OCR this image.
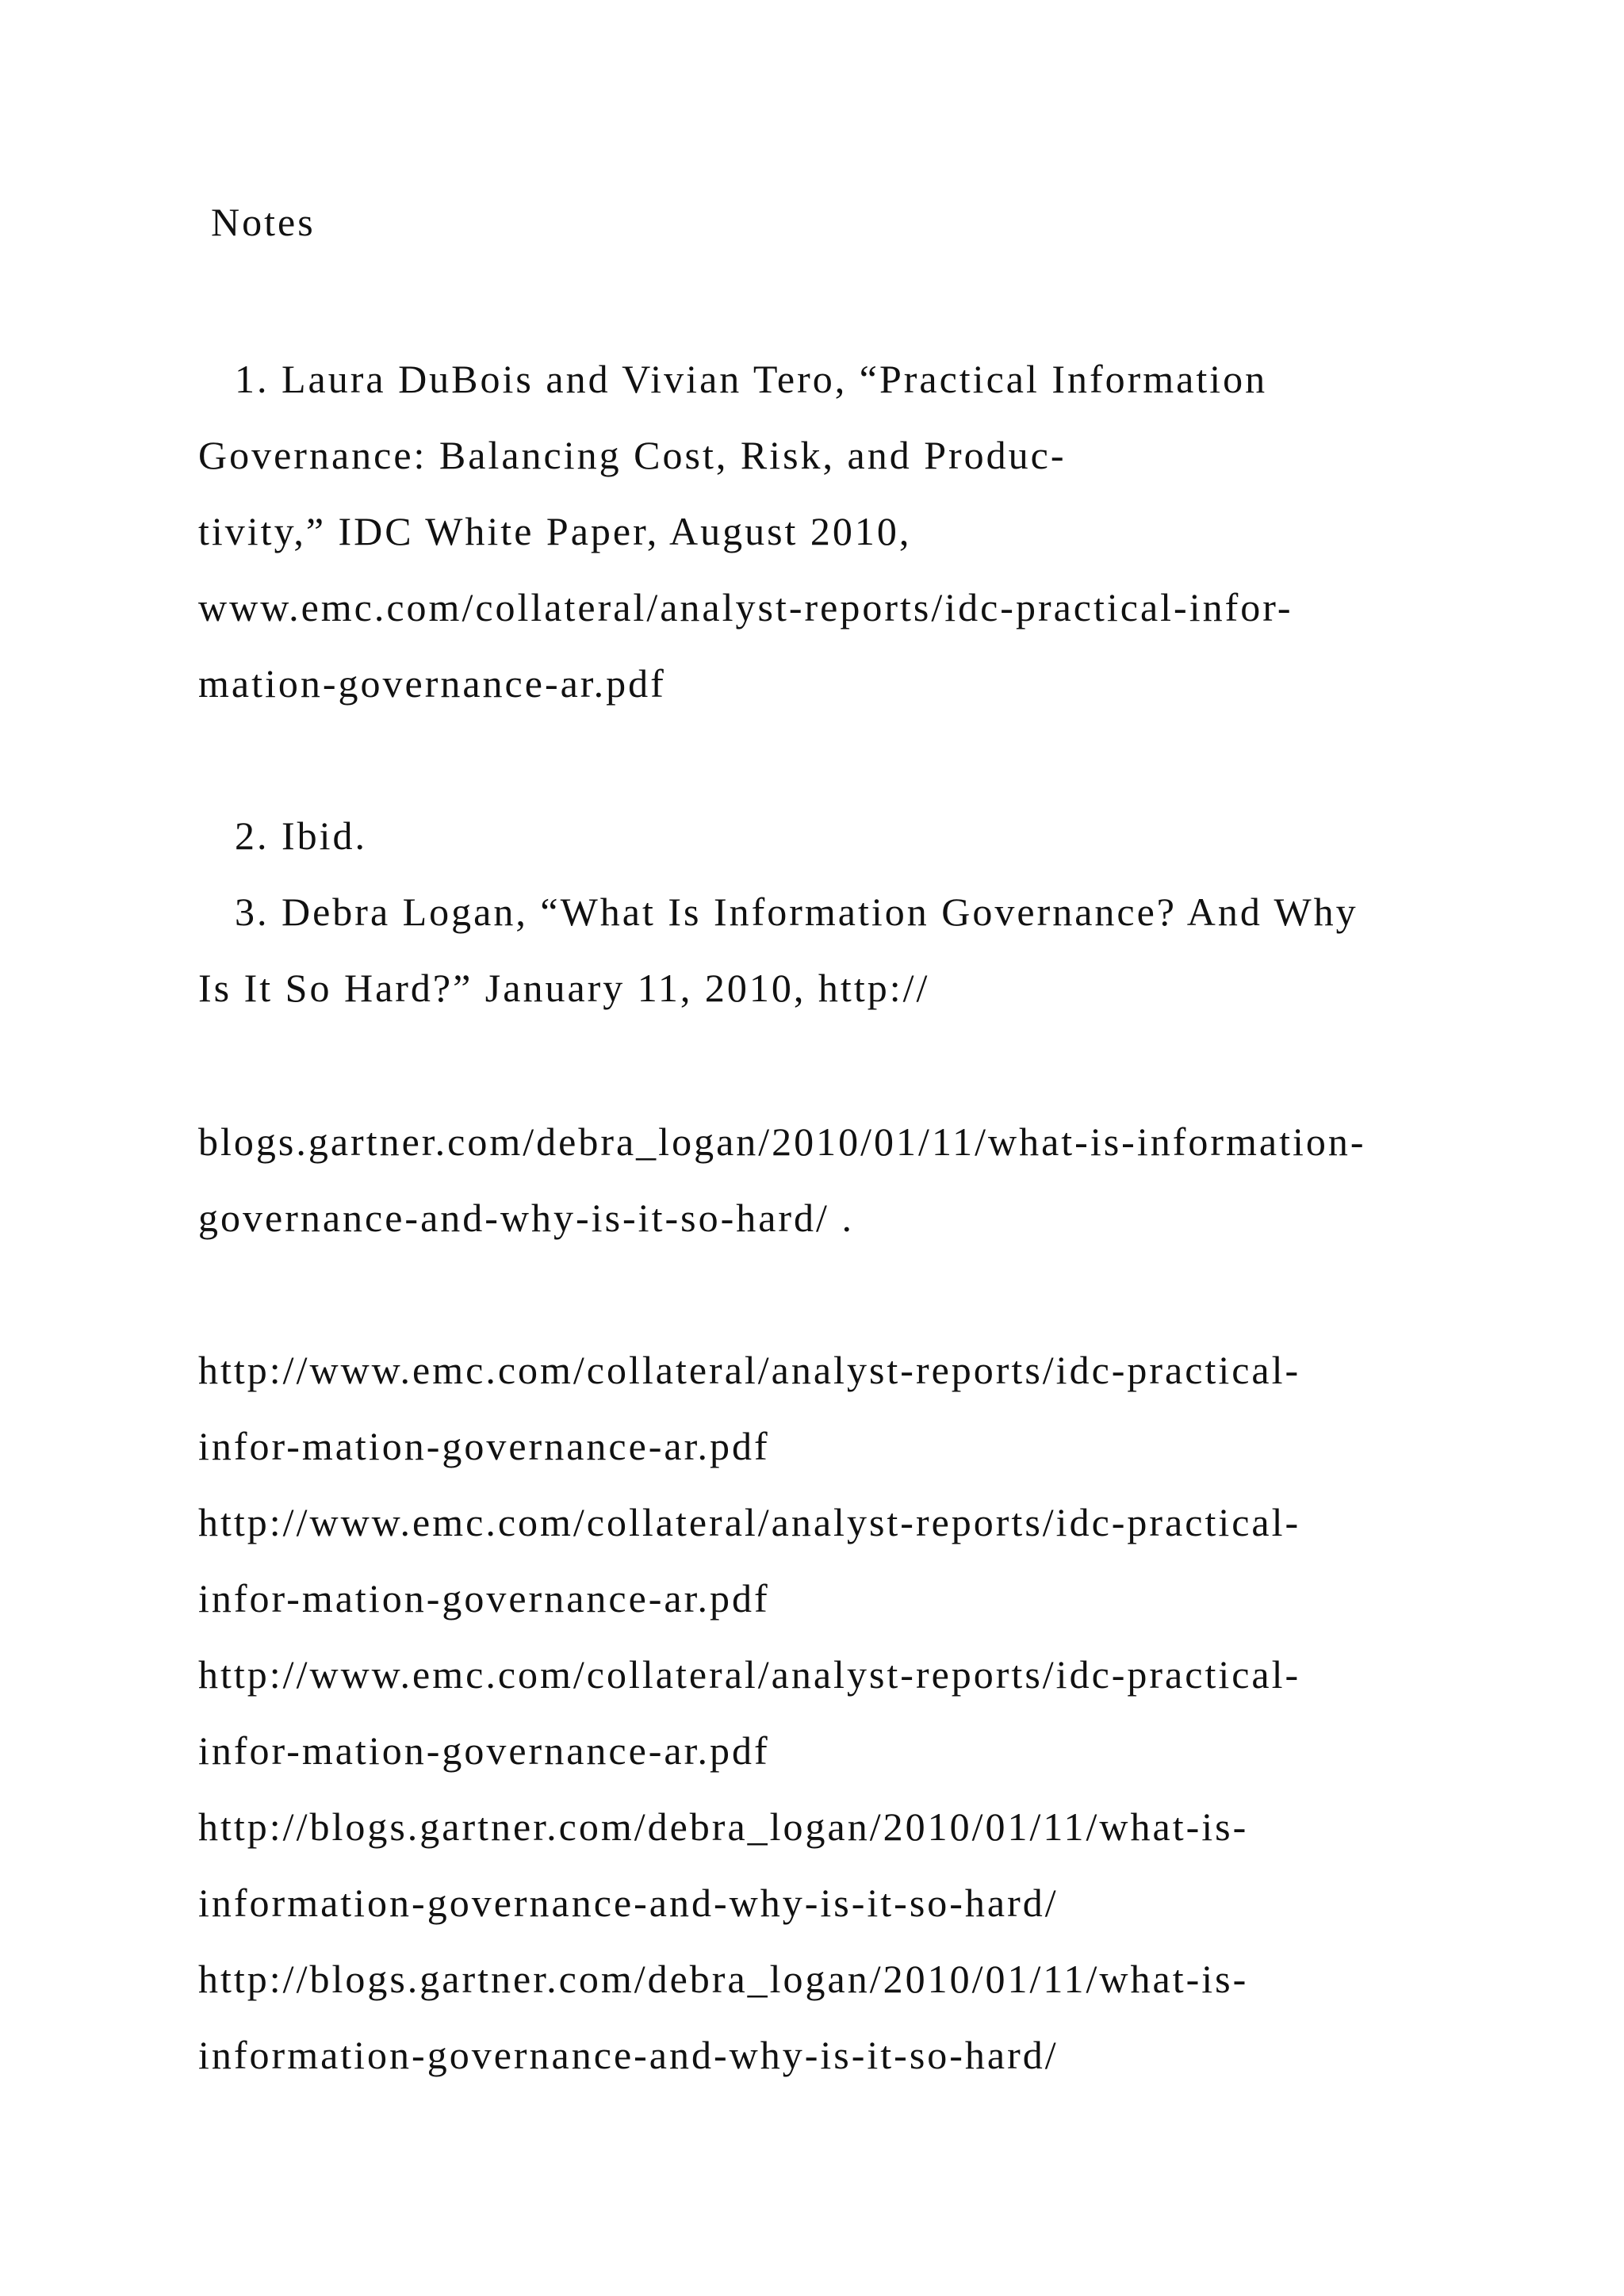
Notes
1. Laura DuBois and Vivian Tero, “Practical Information
Governance: Balancing Cost, Risk, and Produc-
tivity,” IDC White Paper, August 2010,
www.emc.com/collateral/analyst-reports/idc-practical-infor-
mation-governance-ar.pdf
2. Ibid.
3. Debra Logan, “What Is Information Governance? And Why
Is It So Hard?” January 11, 2010, http://
blogs.gartner.com/debra_logan/2010/01/11/what-is-information-
governance-and-why-is-it-so-hard/ .
http://www.emc.com/collateral/analyst-reports/idc-practical-
infor-mation-governance-ar.pdf
http://www.emc.com/collateral/analyst-reports/idc-practical-
infor-mation-governance-ar.pdf
http://www.emc.com/collateral/analyst-reports/idc-practical-
infor-mation-governance-ar.pdf
http://blogs.gartner.com/debra_logan/2010/01/11/what-is-
information-governance-and-why-is-it-so-hard/
http://blogs.gartner.com/debra_logan/2010/01/11/what-is-
information-governance-and-why-is-it-so-hard/
